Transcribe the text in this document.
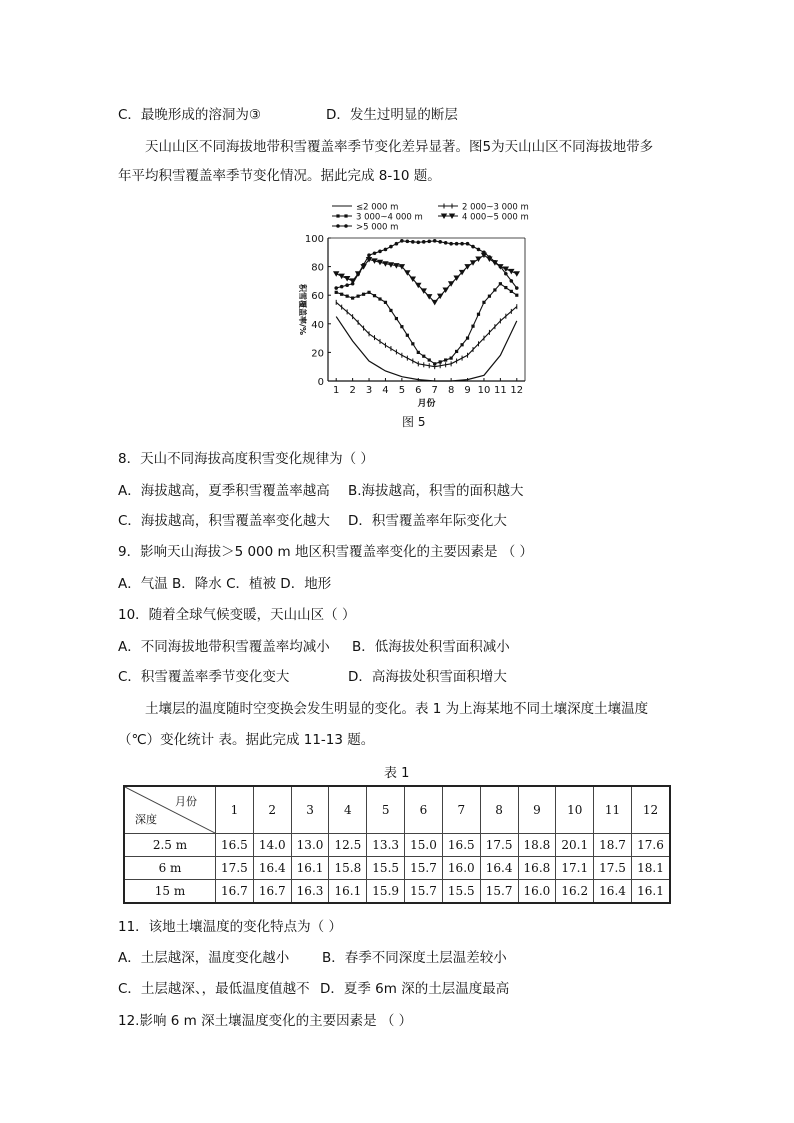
C．最晚形成的溶洞为③	D．发生过明显的断层
天山山区不同海拔地带积雪覆盖率季节变化差异显著。图5为天山山区不同海拔地带多
年平均积雪覆盖率季节变化情况。据此完成 8-10 题。
0
20
40
60
80
100
1 2 3 4 5 6 7 8 9 10 11 12
月份
积雪覆盖率/%
≤2 000 m	2 000~3 000 m
3 000~4 000 m	4 000~5 000 m
>5 000 m
图 5
8．天山不同海拔高度积雪变化规律为（ ）
A．海拔越高，夏季积雪覆盖率越高 B.海拔越高，积雪的面积越大
C．海拔越高，积雪覆盖率变化越大 D．积雪覆盖率年际变化大
9．影响天山海拔＞5 000 m 地区积雪覆盖率变化的主要因素是 （ ）
A．气温 B．降水 C．植被 D．地形
10．随着全球气候变暖，天山山区（ ）
A．不同海拔地带积雪覆盖率均减小 B．低海拔处积雪面积减小
C．积雪覆盖率季节变化变大	D．高海拔处积雪面积增大
土壤层的温度随时空变换会发生明显的变化。表 1 为上海某地不同土壤深度土壤温度
（℃）变化统计 表。据此完成 11-13 题。
表 1
月份
深度	1	2	3	4	5	6	7	8	9	10	11	12
2.5 m	16.5	14.0	13.0	12.5	13.3	15.0	16.5	17.5	18.8	20.1	18.7	17.6
6 m	17.5	16.4	16.1	15.8	15.5	15.7	16.0	16.4	16.8	17.1	17.5	18.1
15 m	16.7	16.7	16.3	16.1	15.9	15.7	15.5	15.7	16.0	16.2	16.4	16.1
11．该地土壤温度的变化特点为（ ）
A．土层越深，温度变化越小 B．春季不同深度土层温差较小
C．土层越深、，最低温度值越不 D．夏季 6m 深的土层温度最高
12.影响 6 m 深土壤温度变化的主要因素是 （ ）
